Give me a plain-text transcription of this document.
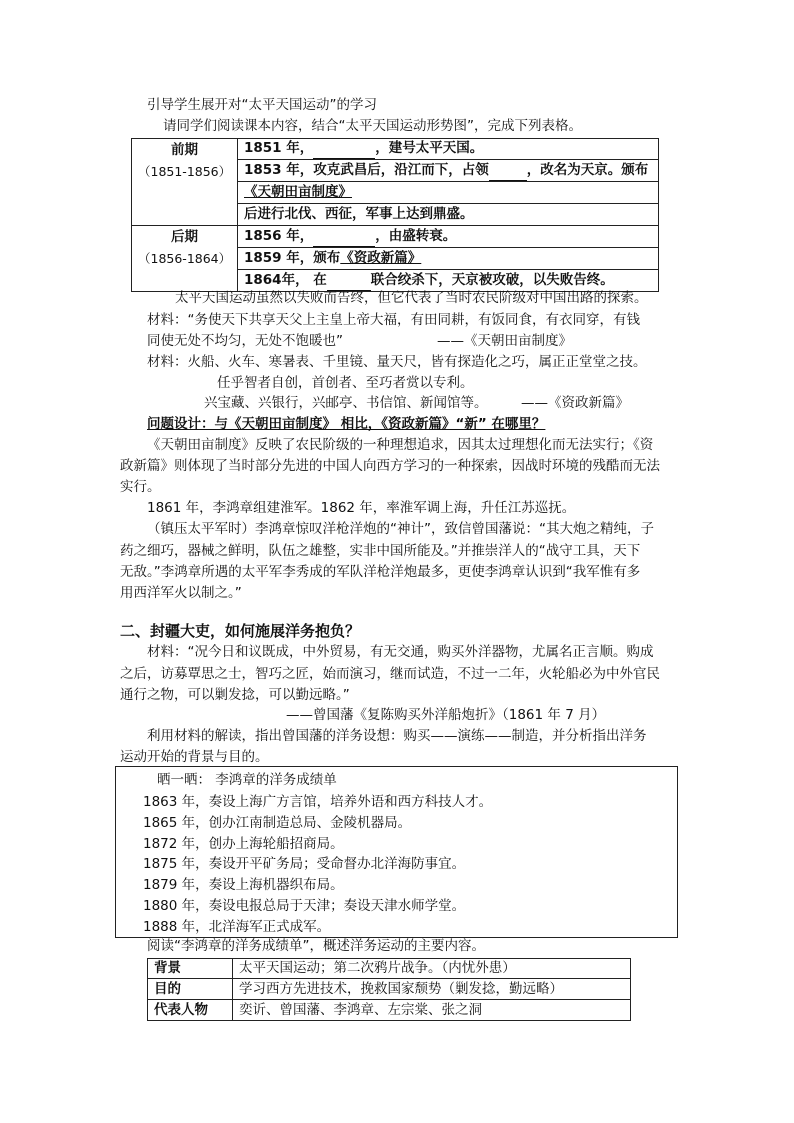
引导学生展开对“太平天国运动”的学习
请同学们阅读课本内容，结合“太平天国运动形势图”，完成下列表格。
前期
（1851-1856）	1851 年， ，建号太平天国。
	1853 年，攻克武昌后，沿江而下，占领 ，改名为天京。颁布
	《天朝田亩制度》
	后进行北伐、西征，军事上达到鼎盛。

后期
（1856-1864）	1856 年， ，由盛转衰。
	1859 年，颁布《资政新篇》
	1864年， 在 联合绞杀下，天京被攻破，以失败告终。
太平天国运动虽然以失败而告终，但它代表了当时农民阶级对中国出路的探索。
材料：“务使天下共享天父上主皇上帝大福，有田同耕，有饭同食，有衣同穿，有钱
同使无处不均匀，无处不饱暖也”	——《天朝田亩制度》
材料：火船、火车、寒暑表、千里镜、量天尺，皆有探造化之巧，属正正堂堂之技。
任乎智者自创，首创者、至巧者赏以专利。
兴宝藏、兴银行，兴邮亭、书信馆、新闻馆等。 ——《资政新篇》
问题设计：与《天朝田亩制度》 相比，《资政新篇》“新” 在哪里？
《天朝田亩制度》反映了农民阶级的一种理想追求，因其太过理想化而无法实行；《资
政新篇》则体现了当时部分先进的中国人向西方学习的一种探索，因战时环境的残酷而无法
实行。
1861 年，李鸿章组建淮军。1862 年，率淮军调上海，升任江苏巡抚。
（镇压太平军时）李鸿章惊叹洋枪洋炮的“神计”，致信曾国藩说：“其大炮之精纯，子
药之细巧，器械之鲜明，队伍之雄整，实非中国所能及。”并推崇洋人的“战守工具，天下
无敌。”李鸿章所遇的太平军李秀成的军队洋枪洋炮最多，更使李鸿章认识到“我军惟有多
用西洋军火以制之。”
二、封疆大吏，如何施展洋务抱负？
材料：“况今日和议既成，中外贸易，有无交通，购买外洋器物，尤属名正言顺。购成
之后，访募覃思之士，智巧之匠，始而演习，继而试造，不过一二年，火轮船必为中外官民
通行之物，可以剿发捻，可以勤远略。”
——曾国藩《复陈购买外洋船炮折》（1861 年 7 月）
利用材料的解读，指出曾国藩的洋务设想：购买——演练——制造，并分析指出洋务
运动开始的背景与目的。
晒一晒： 李鸿章的洋务成绩单
1863 年，奏设上海广方言馆，培养外语和西方科技人才。
1865 年，创办江南制造总局、金陵机器局。
1872 年，创办上海轮船招商局。
1875 年，奏设开平矿务局；受命督办北洋海防事宜。
1879 年，奏设上海机器织布局。
1880 年，奏设电报总局于天津；奏设天津水师学堂。
1888 年，北洋海军正式成军。
阅读“李鸿章的洋务成绩单”，概述洋务运动的主要内容。
背景	太平天国运动；第二次鸦片战争。（内忧外患）
目的	学习西方先进技术，挽救国家颓势（剿发捻，勤远略）
代表人物	奕䜣、曾国藩、李鸿章、左宗棠、张之洞
